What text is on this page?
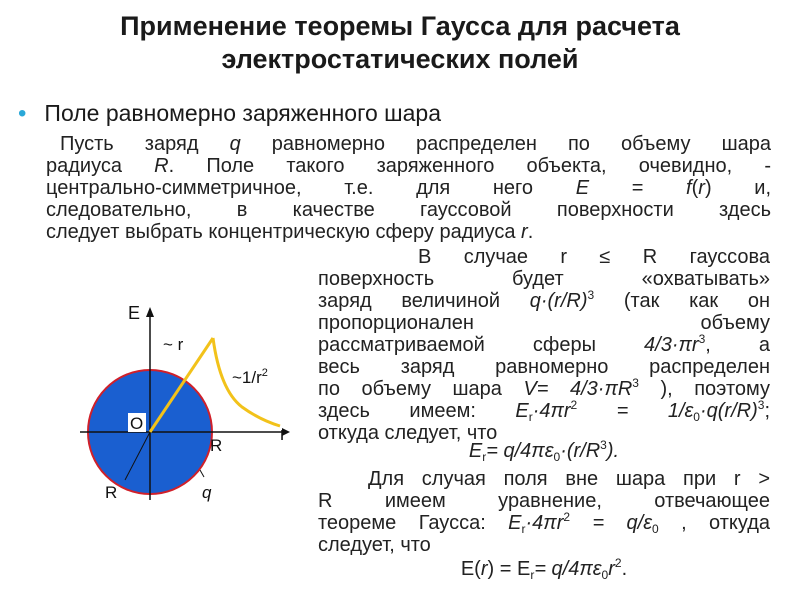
Применение теоремы Гаусса для расчета
электростатических полей
• Поле равномерно заряженного шара
Пусть заряд q равномерно распределен по объему шара
радиуса R. Поле такого заряженного объекта, очевидно, -
центрально-симметричное, т.е. для него E = f(r) и,
следовательно, в качестве гауссовой поверхности здесь
следует выбрать концентрическую сферу радиуса r.
E
~ r
$\sim 1/r^2$
O
r
R
R	q
В случае r ≤ R гауссова
поверхность будет «охватывать»
заряд величиной $q\cdot(r/R)^3$ (так как он
пропорционален объему
рассматриваемой сферы $4/3\cdot\pi r^3$, а
весь заряд равномерно распределен
по объему шара $V= 4/3\cdot\pi R^3$ ), поэтому
здесь имеем: $E_r\cdot 4\pi r^2 = 1/\varepsilon_0\cdot q(r/R)^3$;
откуда следует, что
$E_r= q/4\pi\varepsilon_0\cdot(r/R^3)$.
Для случая поля вне шара при r >
R имеем уравнение, отвечающее
теореме Гаусса: $E_r\cdot 4\pi r^2 = q/\varepsilon_0$ , откуда
следует, что
$E(r) = E_r= q/4\pi\varepsilon_0r^2$.
